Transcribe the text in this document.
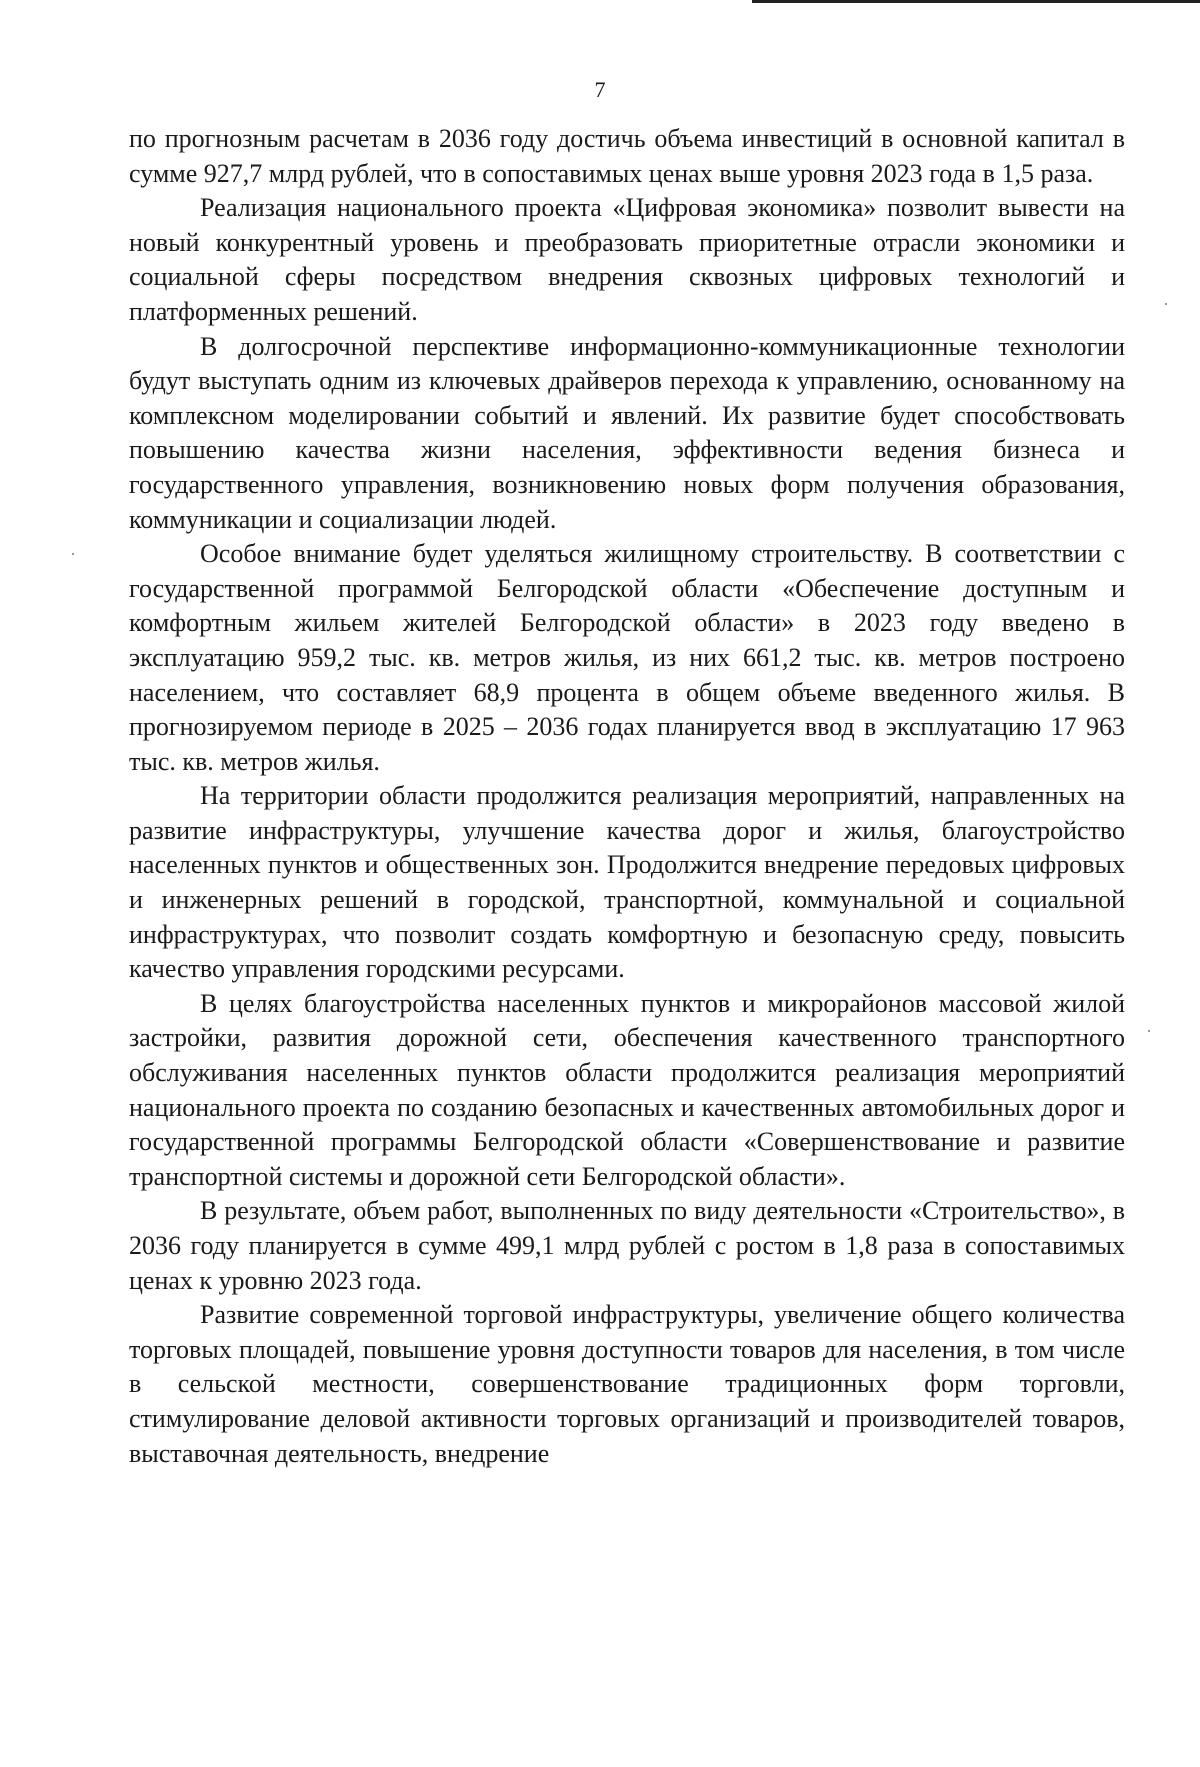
7

по прогнозным расчетам в 2036 году достичь объема инвестиций в основной капитал в сумме 927,7 млрд рублей, что в сопоставимых ценах выше уровня 2023 года в 1,5 раза.

Реализация национального проекта «Цифровая экономика» позволит вывести на новый конкурентный уровень и преобразовать приоритетные отрасли экономики и социальной сферы посредством внедрения сквозных цифровых технологий и платформенных решений.

В долгосрочной перспективе информационно-коммуникационные технологии будут выступать одним из ключевых драйверов перехода к управлению, основанному на комплексном моделировании событий и явлений. Их развитие будет способствовать повышению качества жизни населения, эффективности ведения бизнеса и государственного управления, возникновению новых форм получения образования, коммуникации и социализации людей.

Особое внимание будет уделяться жилищному строительству. В соответствии с государственной программой Белгородской области «Обеспечение доступным и комфортным жильем жителей Белгородской области» в 2023 году введено в эксплуатацию 959,2 тыс. кв. метров жилья, из них 661,2 тыс. кв. метров построено населением, что составляет 68,9 процента в общем объеме введенного жилья. В прогнозируемом периоде в 2025 – 2036 годах планируется ввод в эксплуатацию 17 963 тыс. кв. метров жилья.

На территории области продолжится реализация мероприятий, направленных на развитие инфраструктуры, улучшение качества дорог и жилья, благоустройство населенных пунктов и общественных зон. Продолжится внедрение передовых цифровых и инженерных решений в городской, транспортной, коммунальной и социальной инфраструктурах, что позволит создать комфортную и безопасную среду, повысить качество управления городскими ресурсами.

В целях благоустройства населенных пунктов и микрорайонов массовой жилой застройки, развития дорожной сети, обеспечения качественного транспортного обслуживания населенных пунктов области продолжится реализация мероприятий национального проекта по созданию безопасных и качественных автомобильных дорог и государственной программы Белгородской области «Совершенствование и развитие транспортной системы и дорожной сети Белгородской области».

В результате, объем работ, выполненных по виду деятельности «Строительство», в 2036 году планируется в сумме 499,1 млрд рублей с ростом в 1,8 раза в сопоставимых ценах к уровню 2023 года.

Развитие современной торговой инфраструктуры, увеличение общего количества торговых площадей, повышение уровня доступности товаров для населения, в том числе в сельской местности, совершенствование традиционных форм торговли, стимулирование деловой активности торговых организаций и производителей товаров, выставочная деятельность, внедрение
